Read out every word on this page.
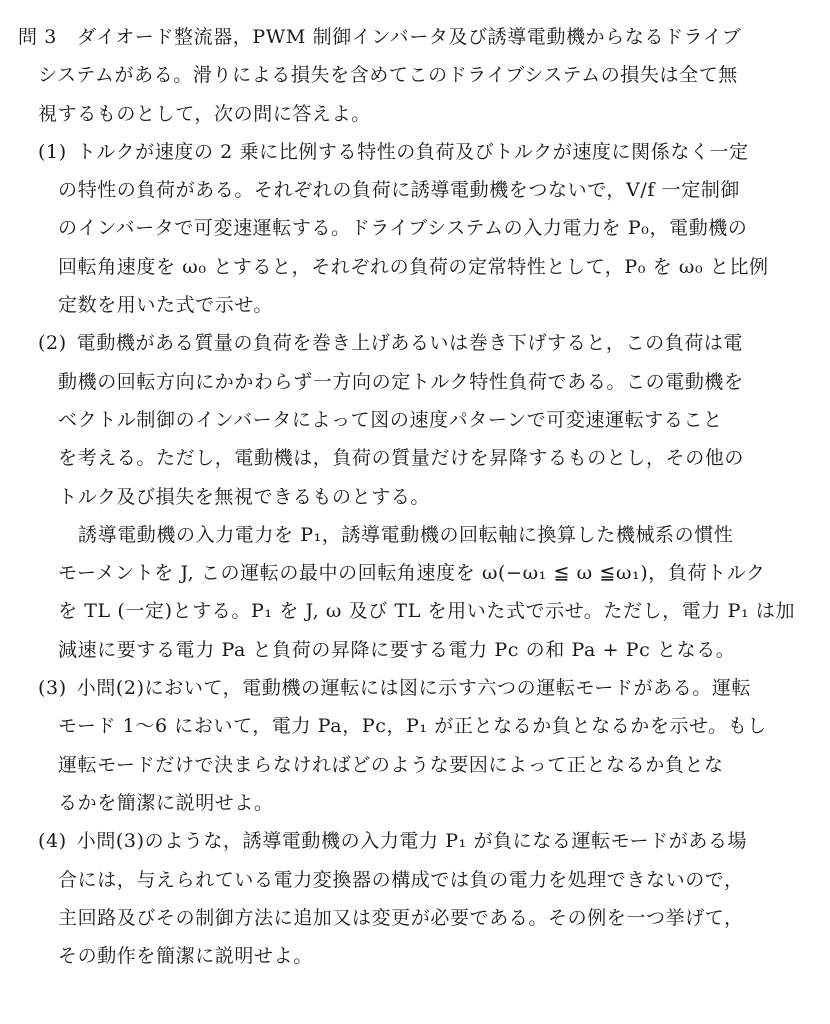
問 3 ダイオード整流器，PWM 制御インバータ及び誘導電動機からなるドライブ
システムがある。滑りによる損失を含めてこのドライブシステムの損失は全て無
視するものとして，次の問に答えよ。
(1) トルクが速度の 2 乗に比例する特性の負荷及びトルクが速度に関係なく一定
の特性の負荷がある。それぞれの負荷に誘導電動機をつないで，V/f 一定制御
のインバータで可変速運転する。ドライブシステムの入力電力を P₀，電動機の
回転角速度を ω₀ とすると，それぞれの負荷の定常特性として，P₀ を ω₀ と比例
定数を用いた式で示せ。
(2) 電動機がある質量の負荷を巻き上げあるいは巻き下げすると，この負荷は電
動機の回転方向にかかわらず一方向の定トルク特性負荷である。この電動機を
ベクトル制御のインバータによって図の速度パターンで可変速運転すること
を考える。ただし，電動機は，負荷の質量だけを昇降するものとし，その他の
トルク及び損失を無視できるものとする。
誘導電動機の入力電力を P₁，誘導電動機の回転軸に換算した機械系の慣性
モーメントを J, この運転の最中の回転角速度を ω(−ω₁ ≦ ω ≦ω₁)，負荷トルク
を TL (一定)とする。P₁ を J, ω 及び TL を用いた式で示せ。ただし，電力 P₁ は加
減速に要する電力 Pa と負荷の昇降に要する電力 Pc の和 Pa + Pc となる。
(3) 小問(2)において，電動機の運転には図に示す六つの運転モードがある。運転
モード 1〜6 において，電力 Pa，Pc，P₁ が正となるか負となるかを示せ。もし
運転モードだけで決まらなければどのような要因によって正となるか負とな
るかを簡潔に説明せよ。
(4) 小問(3)のような，誘導電動機の入力電力 P₁ が負になる運転モードがある場
合には，与えられている電力変換器の構成では負の電力を処理できないので，
主回路及びその制御方法に追加又は変更が必要である。その例を一つ挙げて，
その動作を簡潔に説明せよ。
